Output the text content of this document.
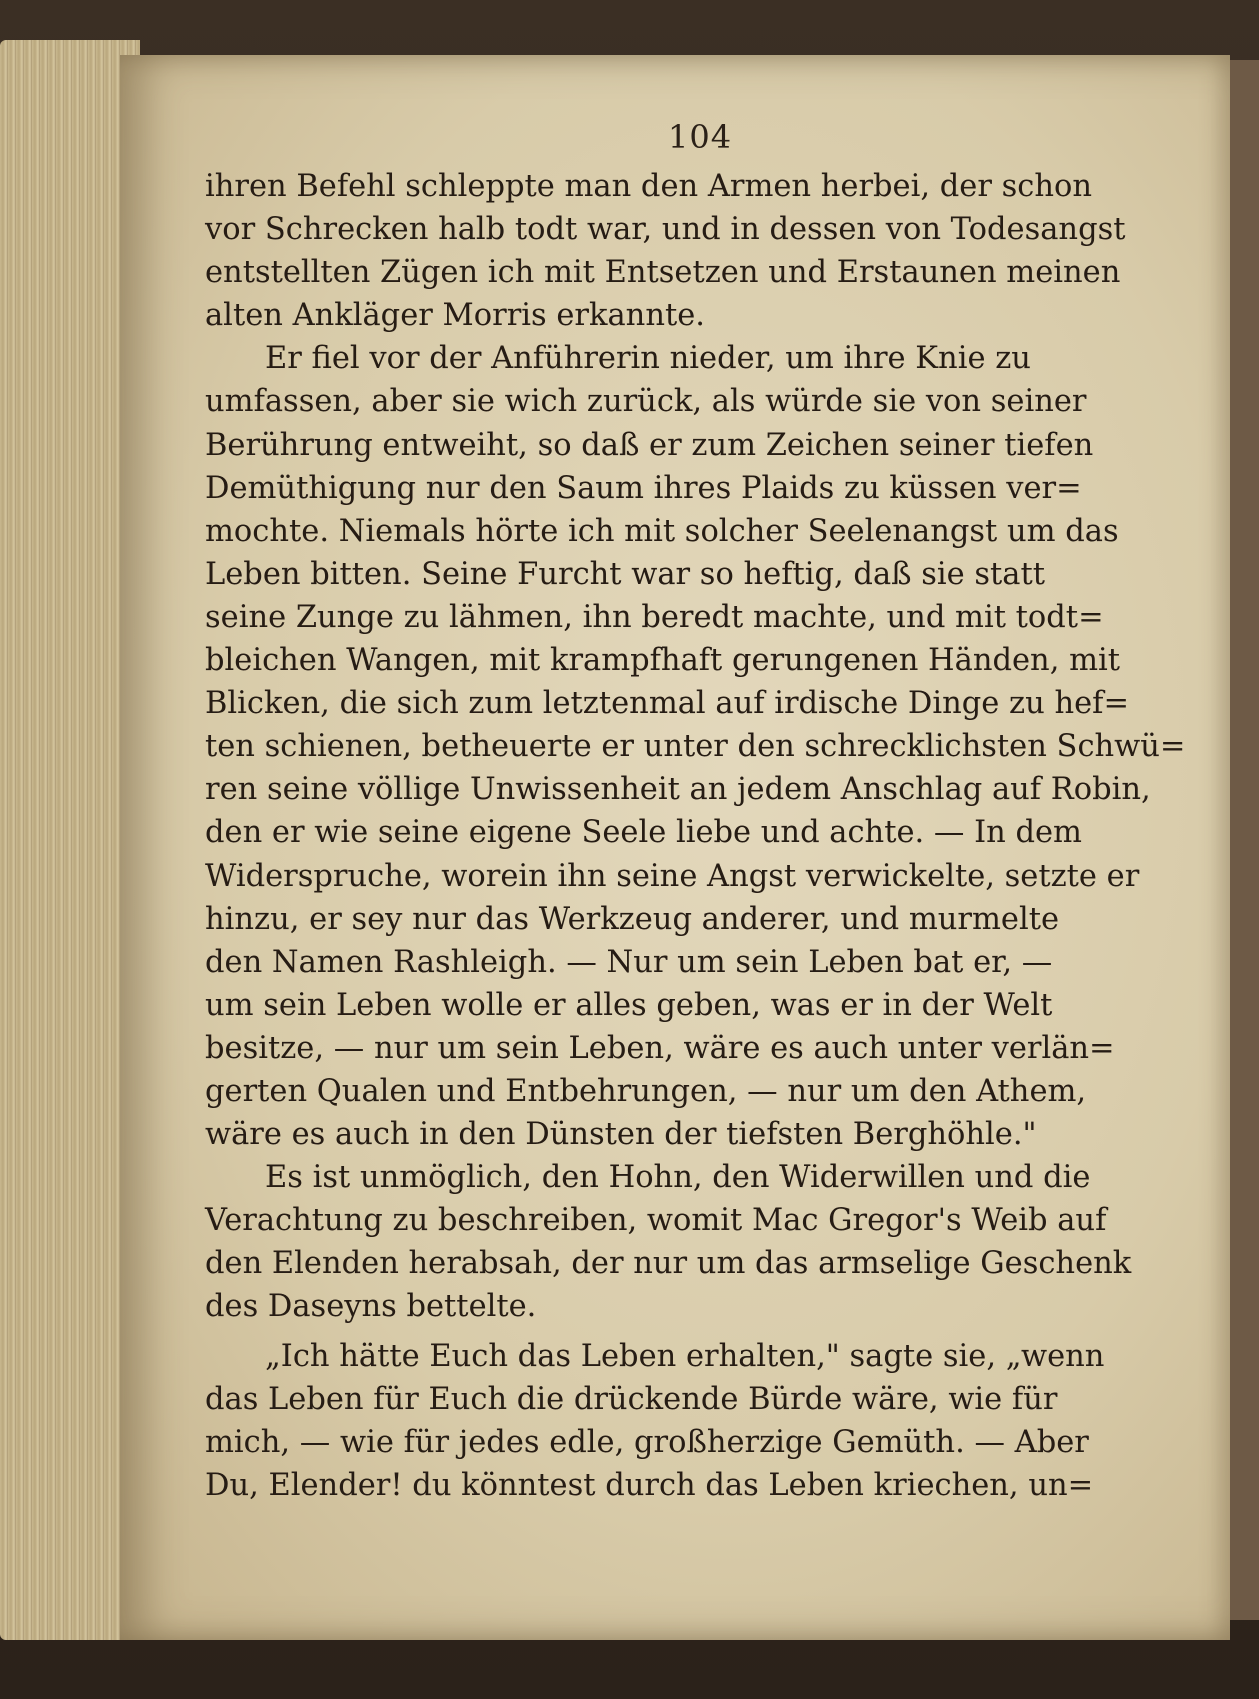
104
ihren Befehl schleppte man den Armen herbei, der schon
vor Schrecken halb todt war, und in dessen von Todesangst
entstellten Zügen ich mit Entsetzen und Erstaunen meinen
alten Ankläger Morris erkannte.
Er fiel vor der Anführerin nieder, um ihre Knie zu
umfassen, aber sie wich zurück, als würde sie von seiner
Berührung entweiht, so daß er zum Zeichen seiner tiefen
Demüthigung nur den Saum ihres Plaids zu küssen ver=
mochte. Niemals hörte ich mit solcher Seelenangst um das
Leben bitten. Seine Furcht war so heftig, daß sie statt
seine Zunge zu lähmen, ihn beredt machte, und mit todt=
bleichen Wangen, mit krampfhaft gerungenen Händen, mit
Blicken, die sich zum letztenmal auf irdische Dinge zu hef=
ten schienen, betheuerte er unter den schrecklichsten Schwü=
ren seine völlige Unwissenheit an jedem Anschlag auf Robin,
den er wie seine eigene Seele liebe und achte. — In dem
Widerspruche, worein ihn seine Angst verwickelte, setzte er
hinzu, er sey nur das Werkzeug anderer, und murmelte
den Namen Rashleigh. — Nur um sein Leben bat er, —
um sein Leben wolle er alles geben, was er in der Welt
besitze, — nur um sein Leben, wäre es auch unter verlän=
gerten Qualen und Entbehrungen, — nur um den Athem,
wäre es auch in den Dünsten der tiefsten Berghöhle."
Es ist unmöglich, den Hohn, den Widerwillen und die
Verachtung zu beschreiben, womit Mac Gregor's Weib auf
den Elenden herabsah, der nur um das armselige Geschenk
des Daseyns bettelte.
„Ich hätte Euch das Leben erhalten," sagte sie, „wenn
das Leben für Euch die drückende Bürde wäre, wie für
mich, — wie für jedes edle, großherzige Gemüth. — Aber
Du, Elender! du könntest durch das Leben kriechen, un=
